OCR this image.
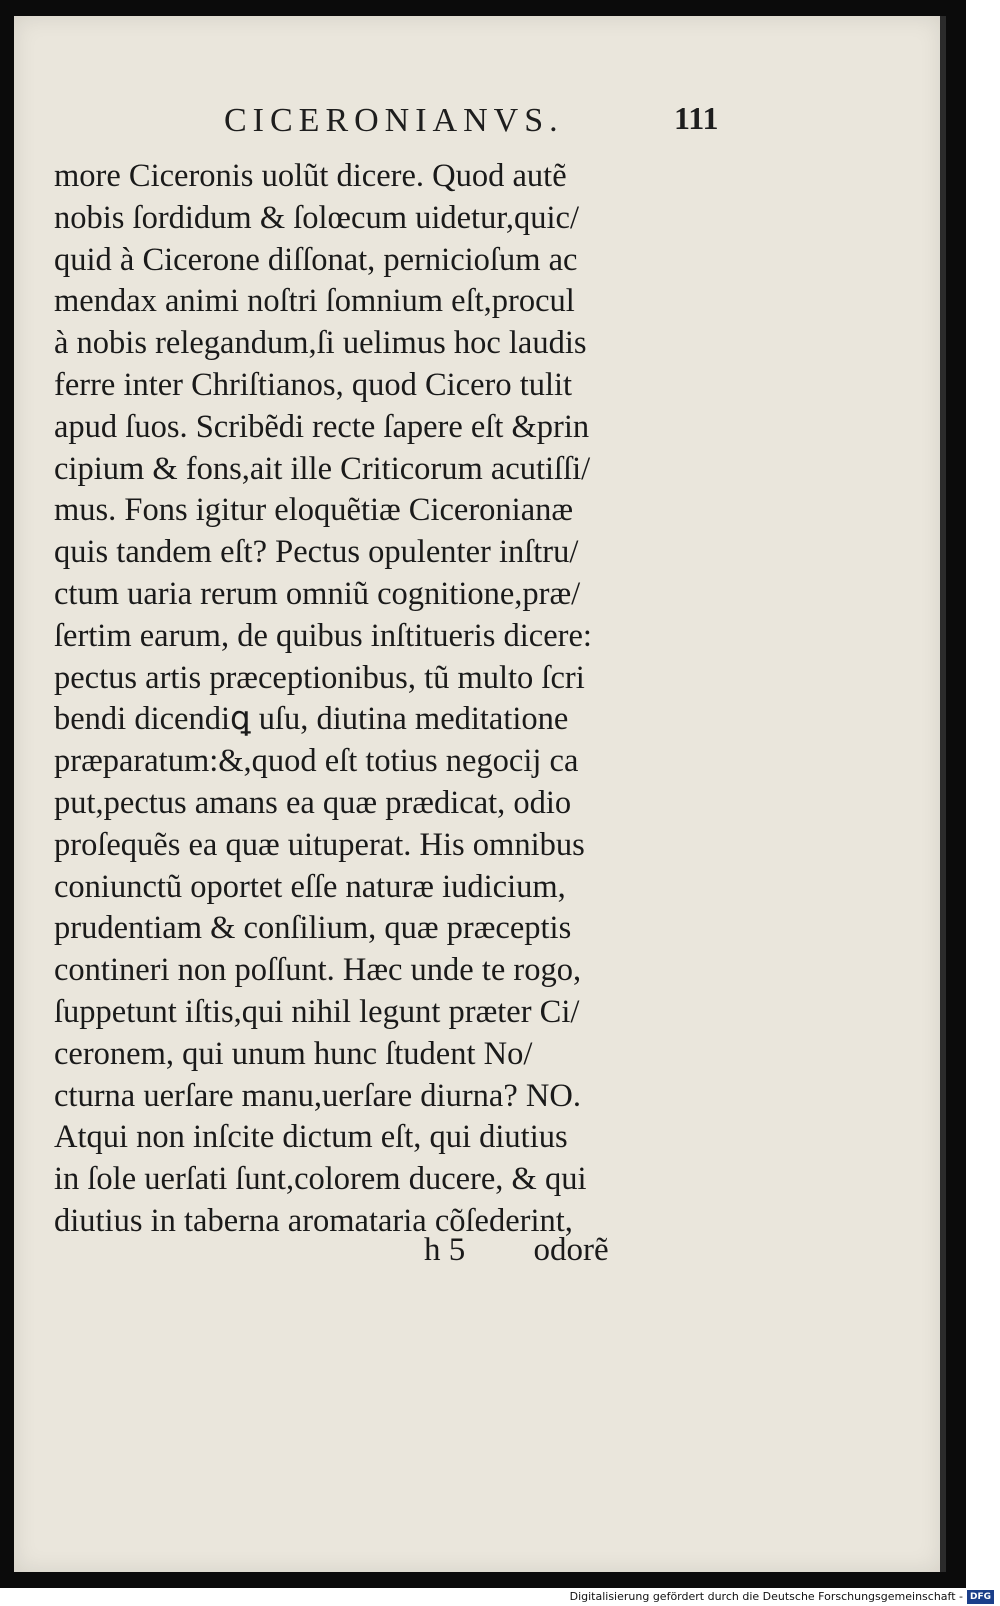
CICERONIANVS.	111
more Ciceronis uolũt dicere. Quod autẽ
nobis ſordidum & ſolœcum uidetur,quic/
quid à Cicerone diſſonat, pernicioſum ac
mendax animi noſtri ſomnium eſt,procul
à nobis relegandum,ſi uelimus hoc laudis
ferre inter Chriſtianos, quod Cicero tulit
apud ſuos. Scribẽdi recte ſapere eſt &prin
cipium & fons,ait ille Criticorum acutiſſi/
mus. Fons igitur eloquẽtiæ Ciceronianæ
quis tandem eſt? Pectus opulenter inſtru/
ctum uaria rerum omniũ cognitione,præ/
ſertim earum, de quibus inſtitueris dicere:
pectus artis præceptionibus, tũ multo ſcri
bendi dicendiꝗ uſu, diutina meditatione
præparatum:&,quod eſt totius negocij ca
put,pectus amans ea quæ prædicat, odio
proſequẽs ea quæ uituperat. His omnibus
coniunctũ oportet eſſe naturæ iudicium,
prudentiam & conſilium, quæ præceptis
contineri non poſſunt. Hæc unde te rogo,
ſuppetunt iſtis,qui nihil legunt præter Ci/
ceronem, qui unum hunc ſtudent No/
cturna uerſare manu,uerſare diurna? NO.
Atqui non inſcite dictum eſt, qui diutius
in ſole uerſati ſunt,colorem ducere, & qui
diutius in taberna aromataria cõſederint,
h 5 odorẽ
Digitalisierung gefördert durch die Deutsche Forschungsgemeinschaft - DFG
